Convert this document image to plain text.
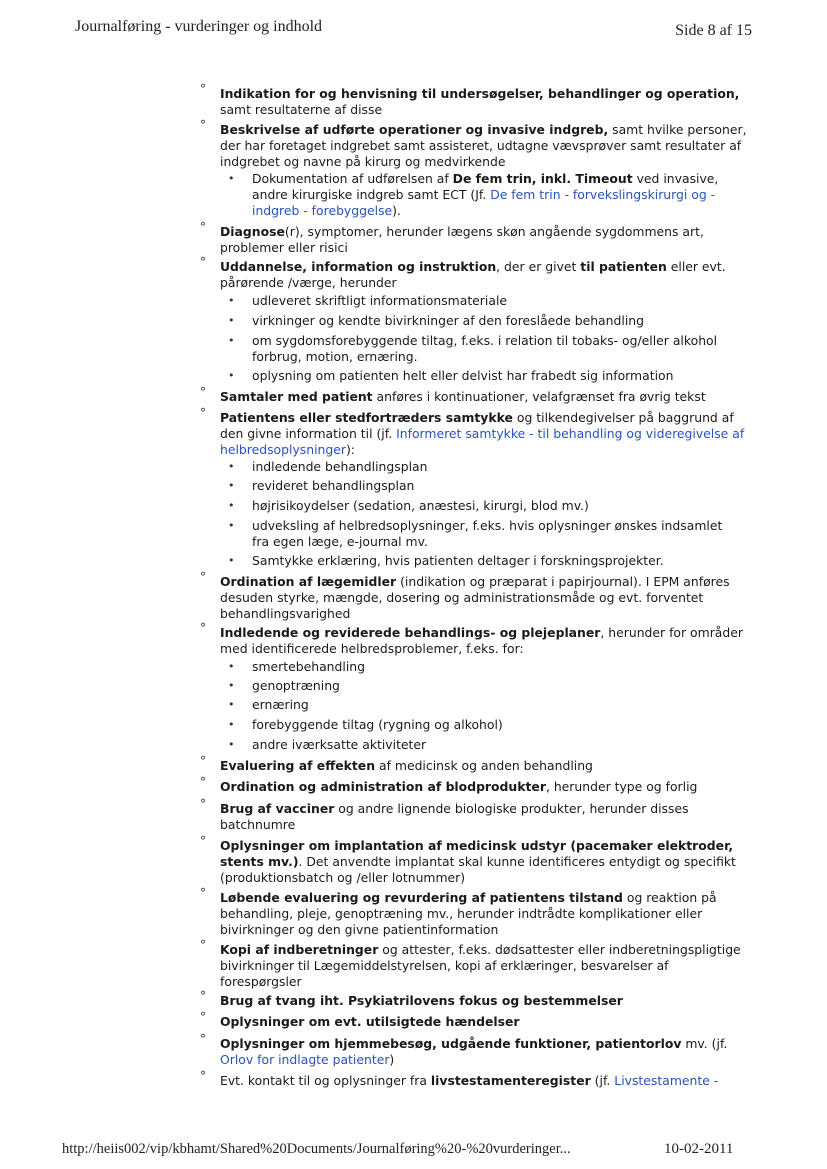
Journalføring - vurderinger og indhold	Side 8 af 15
° Indikation for og henvisning til undersøgelser, behandlinger og operation, samt resultaterne af disse
° Beskrivelse af udførte operationer og invasive indgreb, samt hvilke personer, der har foretaget indgrebet samt assisteret, udtagne vævsprøver samt resultater af indgrebet og navne på kirurg og medvirkende
• Dokumentation af udførelsen af De fem trin, inkl. Timeout ved invasive, andre kirurgiske indgreb samt ECT (Jf. De fem trin - forvekslingskirurgi og -indgreb - forebyggelse).
° Diagnose(r), symptomer, herunder lægens skøn angående sygdommens art, problemer eller risici
° Uddannelse, information og instruktion, der er givet til patienten eller evt. pårørende /værge, herunder
• udleveret skriftligt informationsmateriale
• virkninger og kendte bivirkninger af den foreslåede behandling
• om sygdomsforebyggende tiltag, f.eks. i relation til tobaks- og/eller alkohol forbrug, motion, ernæring.
• oplysning om patienten helt eller delvist har frabedt sig information
° Samtaler med patient anføres i kontinuationer, velafgrænset fra øvrig tekst
° Patientens eller stedfortræders samtykke og tilkendegivelser på baggrund af den givne information til (jf. Informeret samtykke - til behandling og videregivelse af helbredsoplysninger):
• indledende behandlingsplan
• revideret behandlingsplan
• højrisikoydelser (sedation, anæstesi, kirurgi, blod mv.)
• udveksling af helbredsoplysninger, f.eks. hvis oplysninger ønskes indsamlet fra egen læge, e-journal mv.
• Samtykke erklæring, hvis patienten deltager i forskningsprojekter.
° Ordination af lægemidler (indikation og præparat i papirjournal). I EPM anføres desuden styrke, mængde, dosering og administrationsmåde og evt. forventet behandlingsvarighed
° Indledende og reviderede behandlings- og plejeplaner, herunder for områder med identificerede helbredsproblemer, f.eks. for:
• smertebehandling
• genoptræning
• ernæring
• forebyggende tiltag (rygning og alkohol)
• andre iværksatte aktiviteter
° Evaluering af effekten af medicinsk og anden behandling
° Ordination og administration af blodprodukter, herunder type og forlig
° Brug af vacciner og andre lignende biologiske produkter, herunder disses batchnumre
° Oplysninger om implantation af medicinsk udstyr (pacemaker elektroder, stents mv.). Det anvendte implantat skal kunne identificeres entydigt og specifikt (produktionsbatch og /eller lotnummer)
° Løbende evaluering og revurdering af patientens tilstand og reaktion på behandling, pleje, genoptræning mv., herunder indtrådte komplikationer eller bivirkninger og den givne patientinformation
° Kopi af indberetninger og attester, f.eks. dødsattester eller indberetningspligtige bivirkninger til Lægemiddelstyrelsen, kopi af erklæringer, besvarelser af forespørgsler
° Brug af tvang iht. Psykiatrilovens fokus og bestemmelser
° Oplysninger om evt. utilsigtede hændelser
° Oplysninger om hjemmebesøg, udgående funktioner, patientorlov mv. (jf. Orlov for indlagte patienter)
° Evt. kontakt til og oplysninger fra livstestamenteregister (jf. Livstestamente -
http://heiis002/vip/kbhamt/Shared%20Documents/Journalføring%20-%20vurderinger...	10-02-2011
